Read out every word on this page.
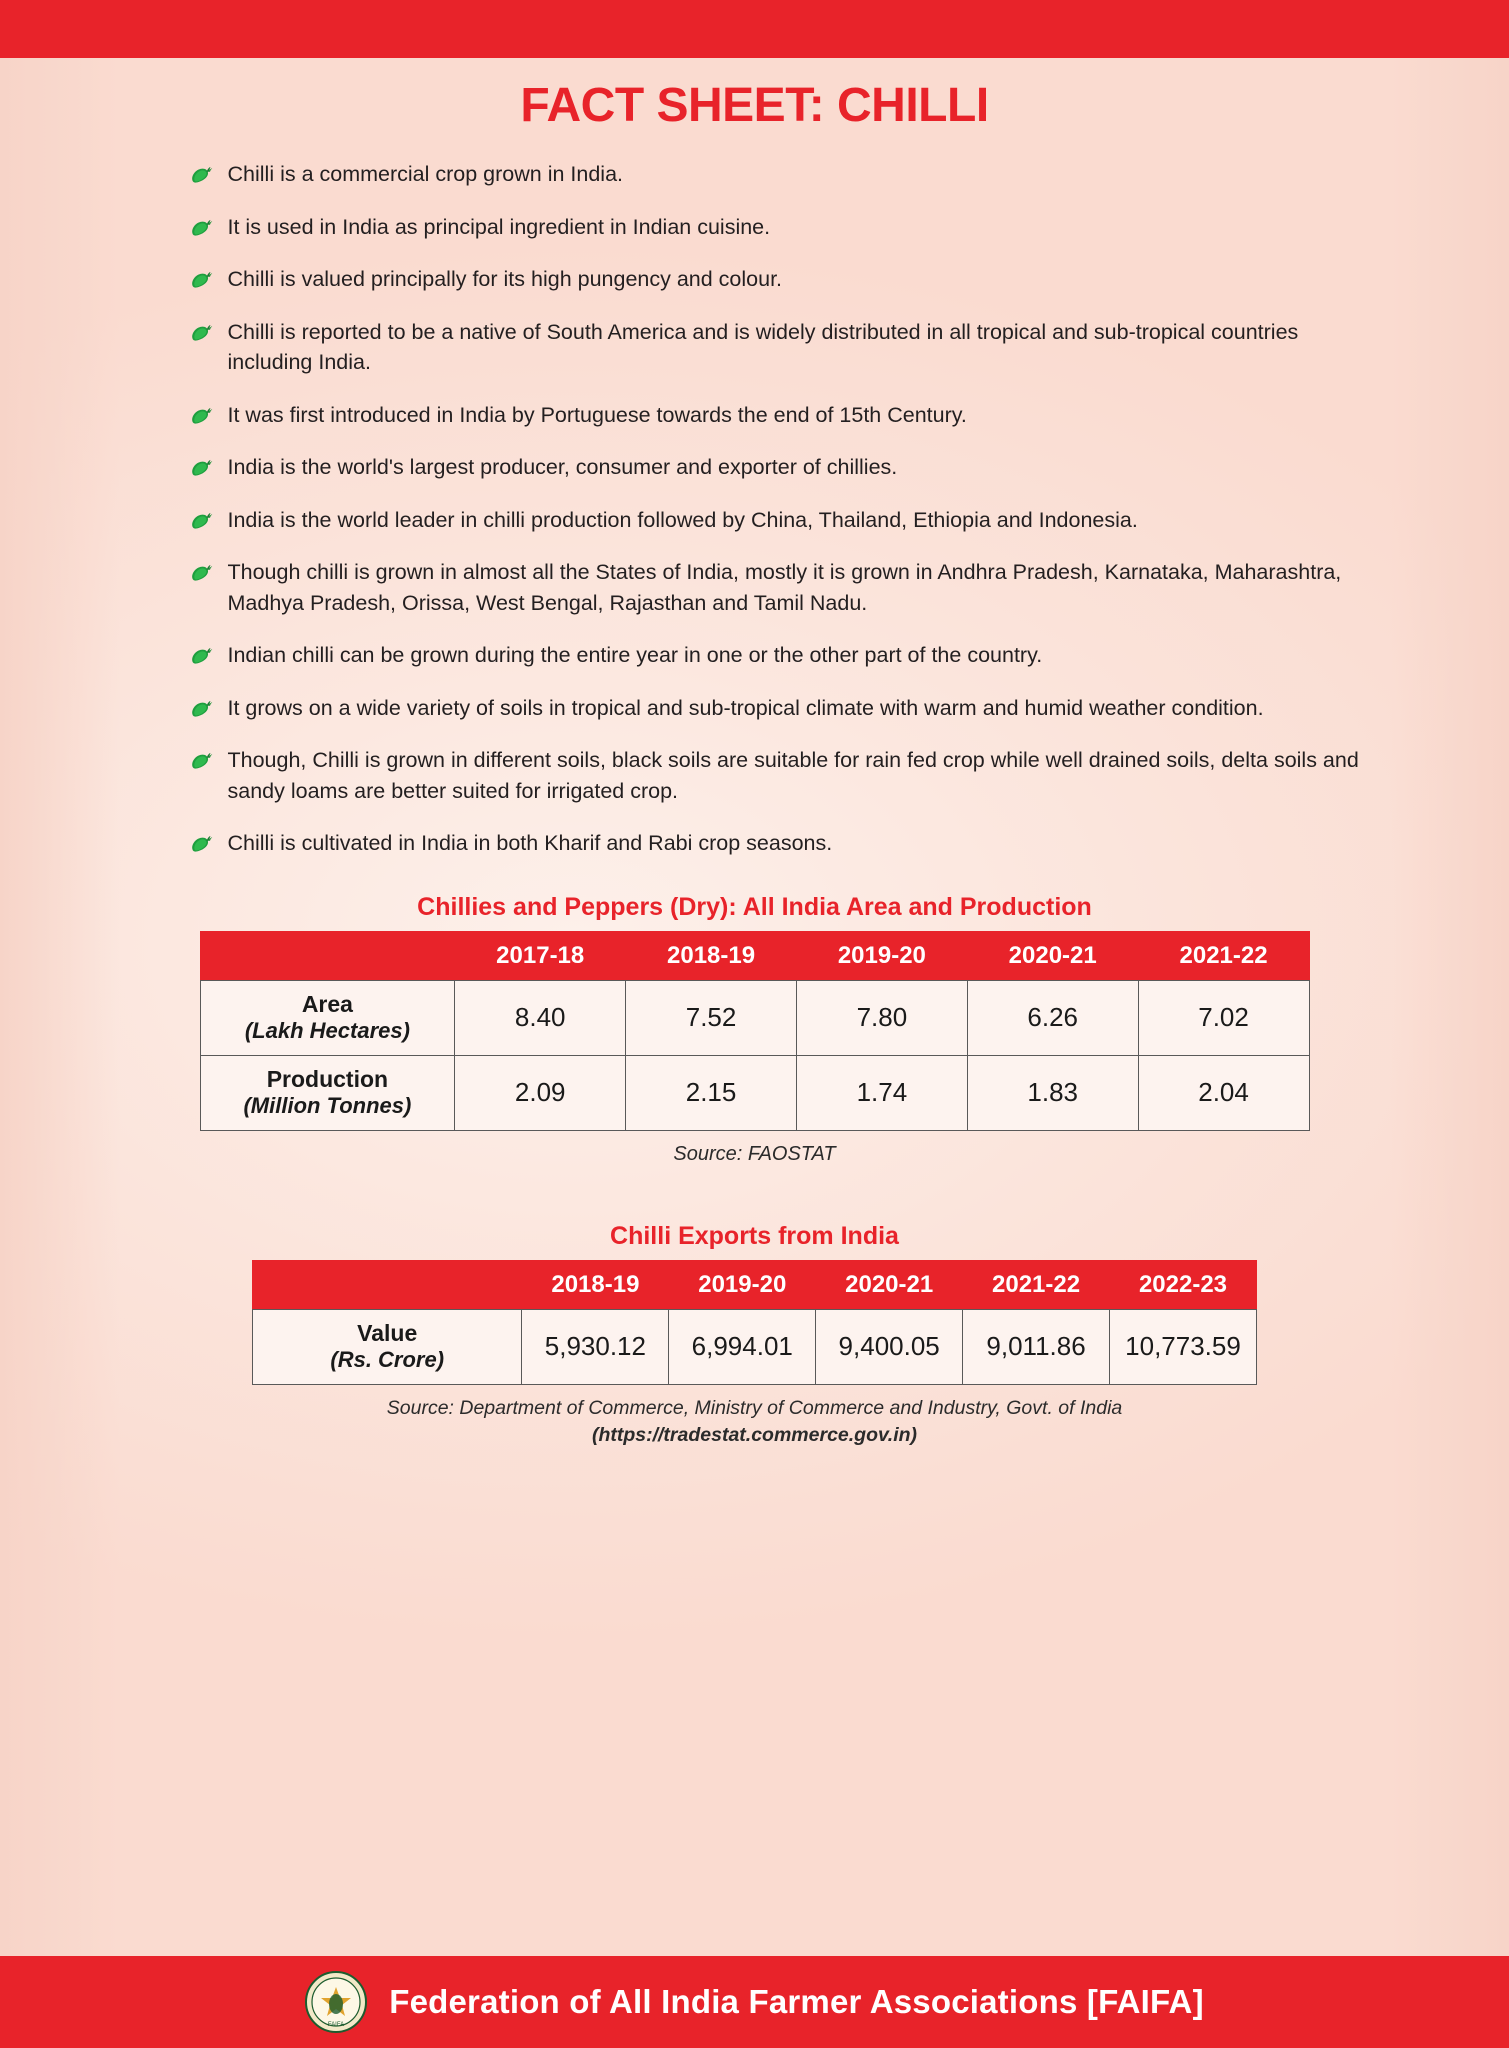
FACT SHEET: CHILLI
Chilli is a commercial crop grown in India.
It is used in India as principal ingredient in Indian cuisine.
Chilli is valued principally for its high pungency and colour.
Chilli is reported to be a native of South America and is widely distributed in all tropical and sub-tropical countries including India.
It was first introduced in India by Portuguese towards the end of 15th Century.
India is the world's largest producer, consumer and exporter of chillies.
India is the world leader in chilli production followed by China, Thailand, Ethiopia and Indonesia.
Though chilli is grown in almost all the States of India, mostly it is grown in Andhra Pradesh, Karnataka, Maharashtra, Madhya Pradesh, Orissa, West Bengal, Rajasthan and Tamil Nadu.
Indian chilli can be grown during the entire year in one or the other part of the country.
It grows on a wide variety of soils in tropical and sub-tropical climate with warm and humid weather condition.
Though, Chilli is grown in different soils, black soils are suitable for rain fed crop while well drained soils, delta soils and sandy loams are better suited for irrigated crop.
Chilli is cultivated in India in both Kharif and Rabi crop seasons.
Chillies and Peppers (Dry): All India Area and Production
	2017-18	2018-19	2019-20	2020-21	2021-22
Area
(Lakh Hectares)	8.40	7.52	7.80	6.26	7.02
Production
(Million Tonnes)	2.09	2.15	1.74	1.83	2.04
Source: FAOSTAT
Chilli Exports from India
	2018-19	2019-20	2020-21	2021-22	2022-23
Value
(Rs. Crore)	5,930.12	6,994.01	9,400.05	9,011.86	10,773.59
Source: Department of Commerce, Ministry of Commerce and Industry, Govt. of India
(https://tradestat.commerce.gov.in)
FAIFA
Federation of All India Farmer Associations [FAIFA]
